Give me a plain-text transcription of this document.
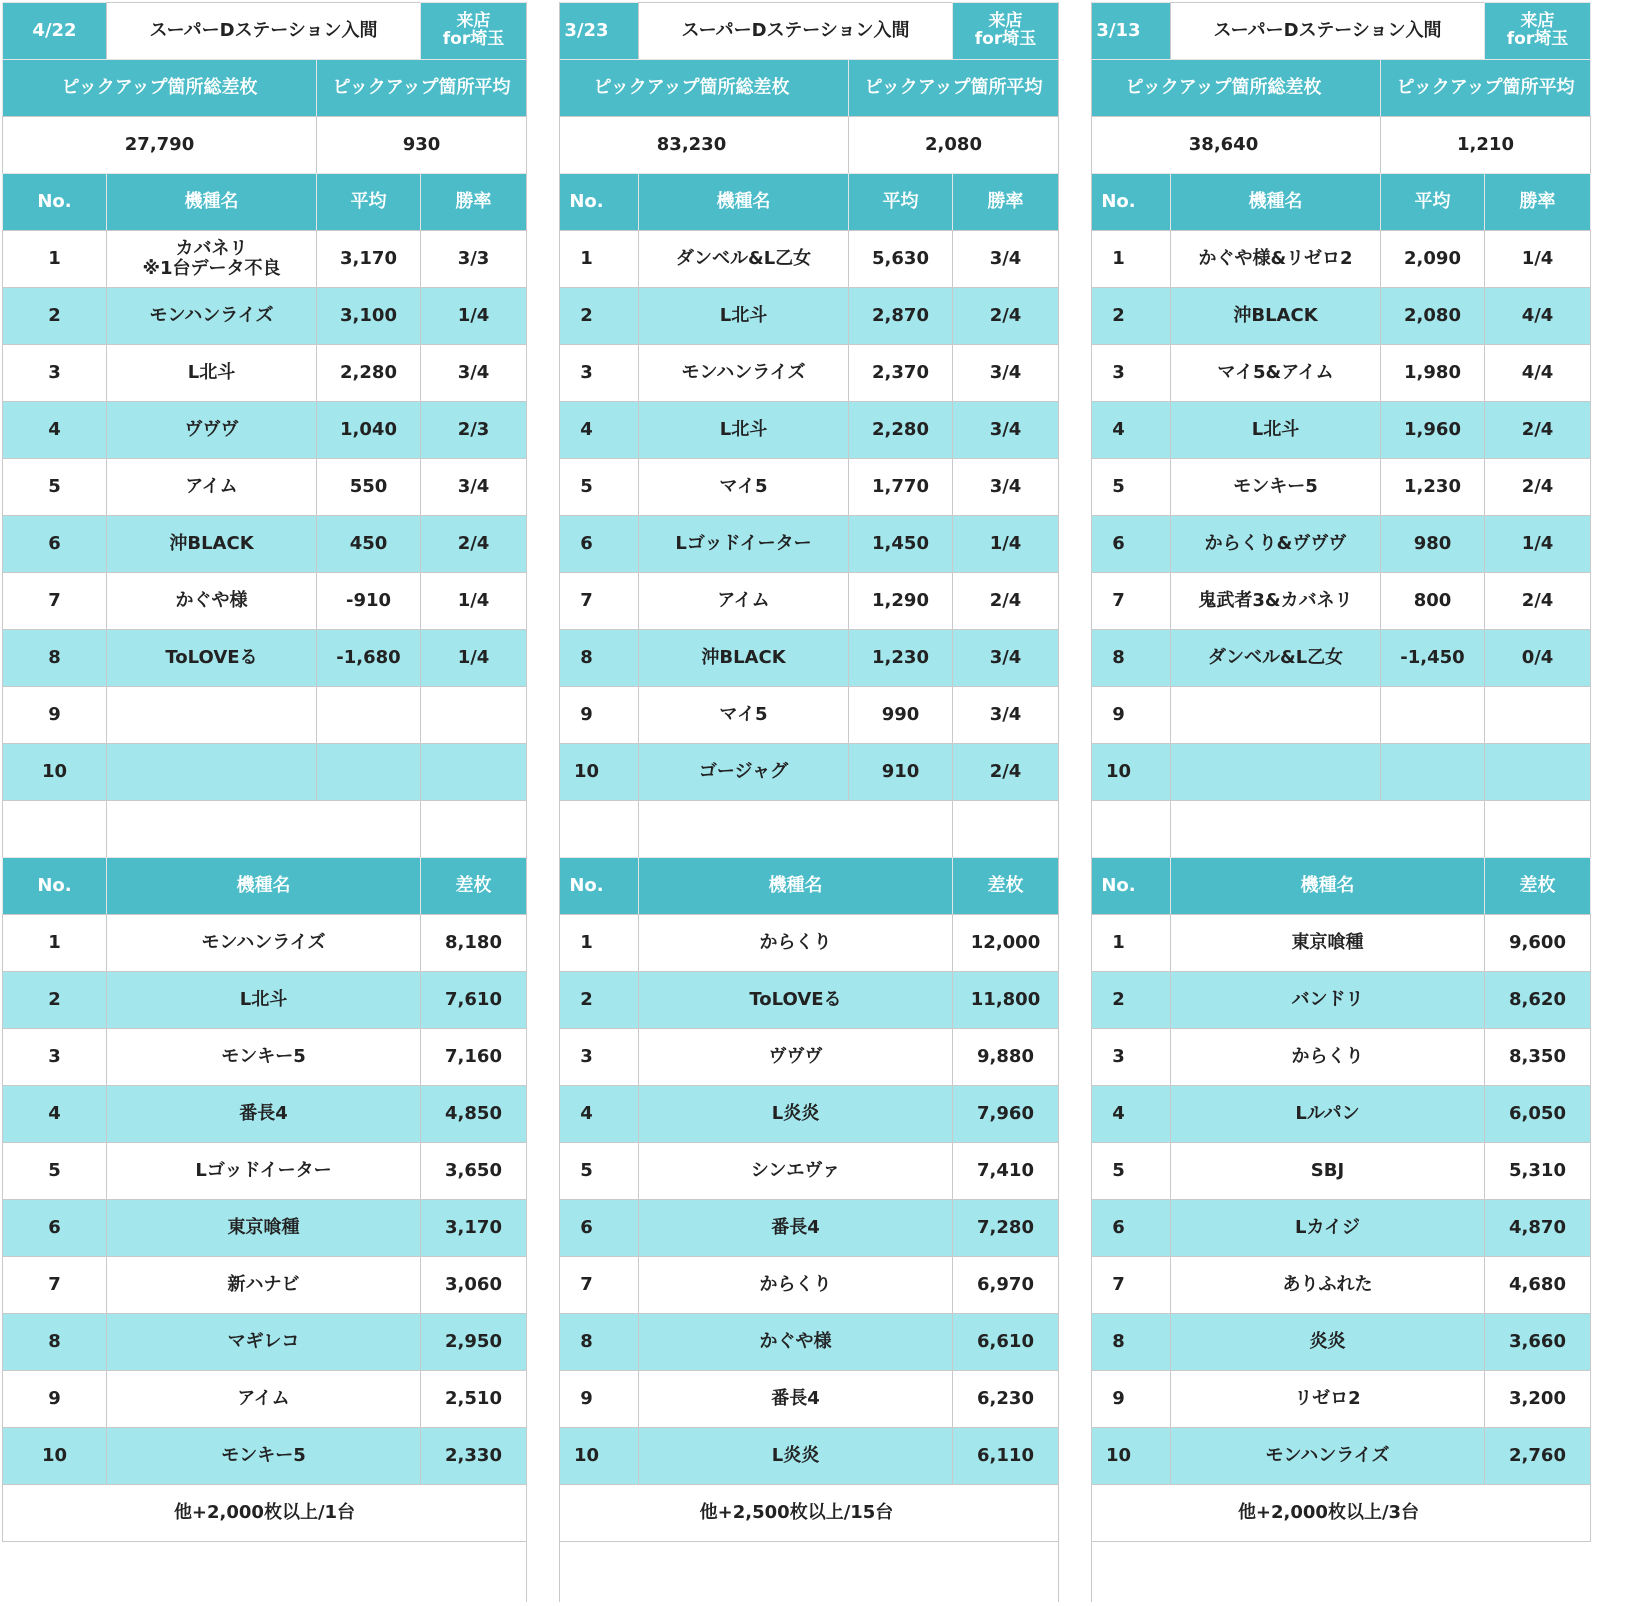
4/22	スーパーDステーション入間	来店
for埼玉
ピックアップ箇所総差枚	ピックアップ箇所平均
27,790	930
No.	機種名	平均	勝率
1	カバネリ
※1台データ不良	3,170	3/3
2	モンハンライズ	3,100	1/4
3	L北斗	2,280	3/4
4	ヴヴヴ	1,040	2/3
5	アイム	550	3/4
6	沖BLACK	450	2/4
7	かぐや様	-910	1/4
8	ToLOVEる	-1,680	1/4
9
10
No.	機種名	差枚
1	モンハンライズ	8,180
2	L北斗	7,610
3	モンキー5	7,160
4	番長4	4,850
5	Lゴッドイーター	3,650
6	東京喰種	3,170
7	新ハナビ	3,060
8	マギレコ	2,950
9	アイム	2,510
10	モンキー5	2,330
他+2,000枚以上/1台
3/23	スーパーDステーション入間	来店
for埼玉
ピックアップ箇所総差枚	ピックアップ箇所平均
83,230	2,080
No.	機種名	平均	勝率
1	ダンベル&L乙女	5,630	3/4
2	L北斗	2,870	2/4
3	モンハンライズ	2,370	3/4
4	L北斗	2,280	3/4
5	マイ5	1,770	3/4
6	Lゴッドイーター	1,450	1/4
7	アイム	1,290	2/4
8	沖BLACK	1,230	3/4
9	マイ5	990	3/4
10	ゴージャグ	910	2/4
No.	機種名	差枚
1	からくり	12,000
2	ToLOVEる	11,800
3	ヴヴヴ	9,880
4	L炎炎	7,960
5	シンエヴァ	7,410
6	番長4	7,280
7	からくり	6,970
8	かぐや様	6,610
9	番長4	6,230
10	L炎炎	6,110
他+2,500枚以上/15台
3/13	スーパーDステーション入間	来店
for埼玉
ピックアップ箇所総差枚	ピックアップ箇所平均
38,640	1,210
No.	機種名	平均	勝率
1	かぐや様&リゼロ2	2,090	1/4
2	沖BLACK	2,080	4/4
3	マイ5&アイム	1,980	4/4
4	L北斗	1,960	2/4
5	モンキー5	1,230	2/4
6	からくり&ヴヴヴ	980	1/4
7	鬼武者3&カバネリ	800	2/4
8	ダンベル&L乙女	-1,450	0/4
9
10
No.	機種名	差枚
1	東京喰種	9,600
2	バンドリ	8,620
3	からくり	8,350
4	Lルパン	6,050
5	SBJ	5,310
6	Lカイジ	4,870
7	ありふれた	4,680
8	炎炎	3,660
9	リゼロ2	3,200
10	モンハンライズ	2,760
他+2,000枚以上/3台
